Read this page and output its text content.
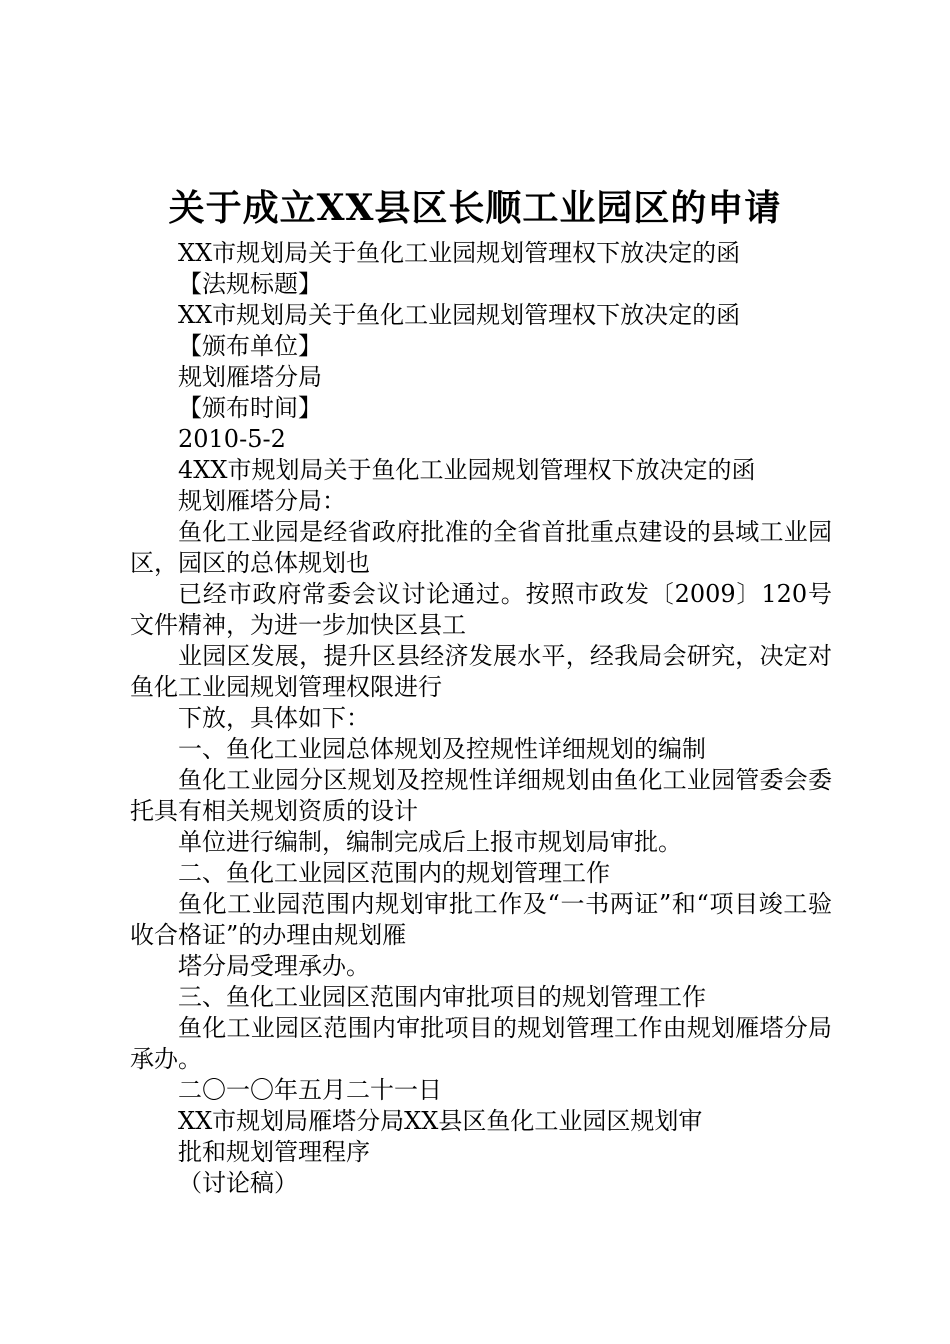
关于成立XX县区长顺工业园区的申请

XX市规划局关于鱼化工业园规划管理权下放决定的函

【法规标题】

XX市规划局关于鱼化工业园规划管理权下放决定的函

【颁布单位】

规划雁塔分局

【颁布时间】

2010-5-2

4XX市规划局关于鱼化工业园规划管理权下放决定的函

规划雁塔分局：

鱼化工业园是经省政府批准的全省首批重点建设的县域工业园区，园区的总体规划也

已经市政府常委会议讨论通过。按照市政发〔2009〕120号文件精神，为进一步加快区县工

业园区发展，提升区县经济发展水平，经我局会研究，决定对鱼化工业园规划管理权限进行

下放，具体如下：

一、鱼化工业园总体规划及控规性详细规划的编制

鱼化工业园分区规划及控规性详细规划由鱼化工业园管委会委托具有相关规划资质的设计

单位进行编制，编制完成后上报市规划局审批。

二、鱼化工业园区范围内的规划管理工作

鱼化工业园范围内规划审批工作及“一书两证”和“项目竣工验收合格证”的办理由规划雁

塔分局受理承办。

三、鱼化工业园区范围内审批项目的规划管理工作

鱼化工业园区范围内审批项目的规划管理工作由规划雁塔分局承办。

二〇一〇年五月二十一日

XX市规划局雁塔分局XX县区鱼化工业园区规划审

批和规划管理程序

（讨论稿）
